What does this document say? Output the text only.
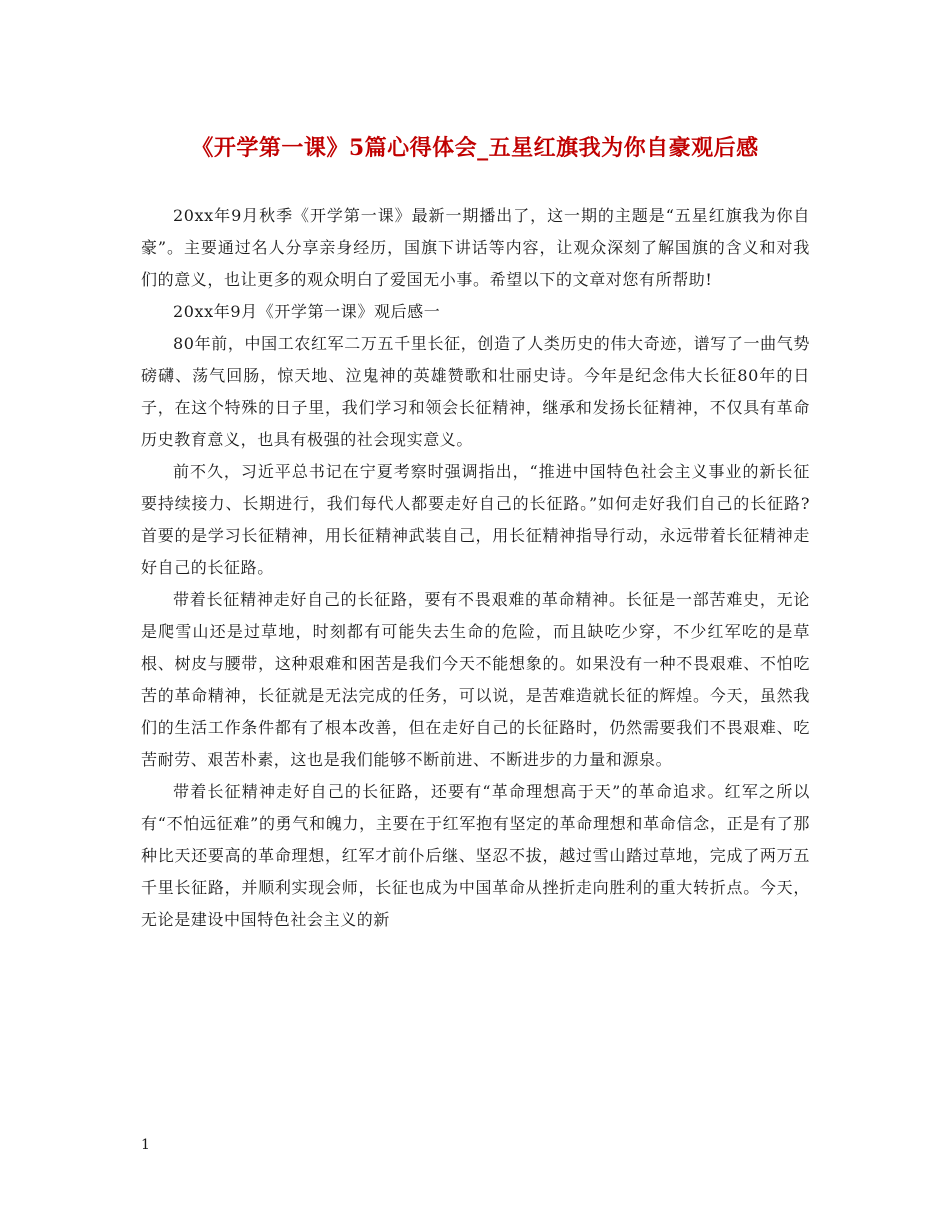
《开学第一课》5篇心得体会_五星红旗我为你自豪观后感

20xx年9月秋季《开学第一课》最新一期播出了，这一期的主题是“五星红旗我为你自豪”。主要通过名人分享亲身经历，国旗下讲话等内容，让观众深刻了解国旗的含义和对我们的意义，也让更多的观众明白了爱国无小事。希望以下的文章对您有所帮助!

20xx年9月《开学第一课》观后感一

80年前，中国工农红军二万五千里长征，创造了人类历史的伟大奇迹，谱写了一曲气势磅礴、荡气回肠，惊天地、泣鬼神的英雄赞歌和壮丽史诗。今年是纪念伟大长征80年的日子，在这个特殊的日子里，我们学习和领会长征精神，继承和发扬长征精神，不仅具有革命历史教育意义，也具有极强的社会现实意义。

前不久，习近平总书记在宁夏考察时强调指出，“推进中国特色社会主义事业的新长征要持续接力、长期进行，我们每代人都要走好自己的长征路。”如何走好我们自己的长征路?首要的是学习长征精神，用长征精神武装自己，用长征精神指导行动，永远带着长征精神走好自己的长征路。

带着长征精神走好自己的长征路，要有不畏艰难的革命精神。长征是一部苦难史，无论是爬雪山还是过草地，时刻都有可能失去生命的危险，而且缺吃少穿，不少红军吃的是草根、树皮与腰带，这种艰难和困苦是我们今天不能想象的。如果没有一种不畏艰难、不怕吃苦的革命精神，长征就是无法完成的任务，可以说，是苦难造就长征的辉煌。今天，虽然我们的生活工作条件都有了根本改善，但在走好自己的长征路时，仍然需要我们不畏艰难、吃苦耐劳、艰苦朴素，这也是我们能够不断前进、不断进步的力量和源泉。

带着长征精神走好自己的长征路，还要有“革命理想高于天”的革命追求。红军之所以有“不怕远征难”的勇气和魄力，主要在于红军抱有坚定的革命理想和革命信念，正是有了那种比天还要高的革命理想，红军才前仆后继、坚忍不拔，越过雪山踏过草地，完成了两万五千里长征路，并顺利实现会师，长征也成为中国革命从挫折走向胜利的重大转折点。今天，无论是建设中国特色社会主义的新

1
